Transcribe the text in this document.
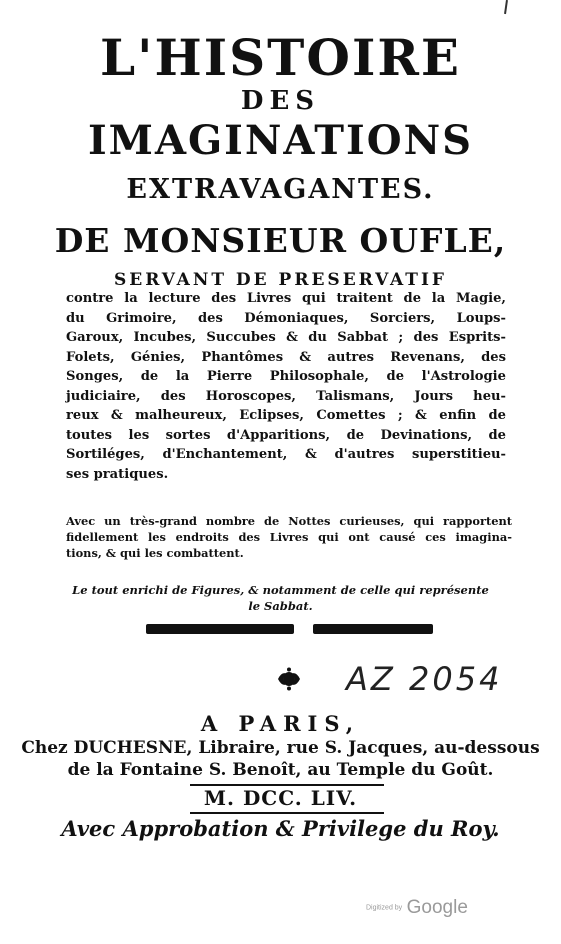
L'HISTOIRE
DES
IMAGINATIONS
EXTRAVAGANTES.
DE MONSIEUR OUFLE,
SERVANT DE PRESERVATIF
contre la lecture des Livres qui traitent de la Magie,
du Grimoire, des Démoniaques, Sorciers, Loups-
Garoux, Incubes, Succubes & du Sabbat ; des Esprits-
Folets, Génies, Phantômes & autres Revenans, des
Songes, de la Pierre Philosophale, de l'Astrologie
judiciaire, des Horoscopes, Talismans, Jours heu-
reux & malheureux, Eclipses, Comettes ; & enfin de
toutes les sortes d'Apparitions, de Devinations, de
Sortiléges, d'Enchantement, & d'autres superstitieu-
ses pratiques.
Avec un très-grand nombre de Nottes curieuses, qui rapportent
fidellement les endroits des Livres qui ont causé ces imagina-
tions, & qui les combattent.
Le tout enrichi de Figures, & notamment de celle qui représente
le Sabbat.
AZ 2054
A PARIS,
Chez DUCHESNE, Libraire, rue S. Jacques, au-dessous
de la Fontaine S. Benoît, au Temple du Goût.
M. DCC. LIV.
Avec Approbation & Privilege du Roy.
Digitized by Google
